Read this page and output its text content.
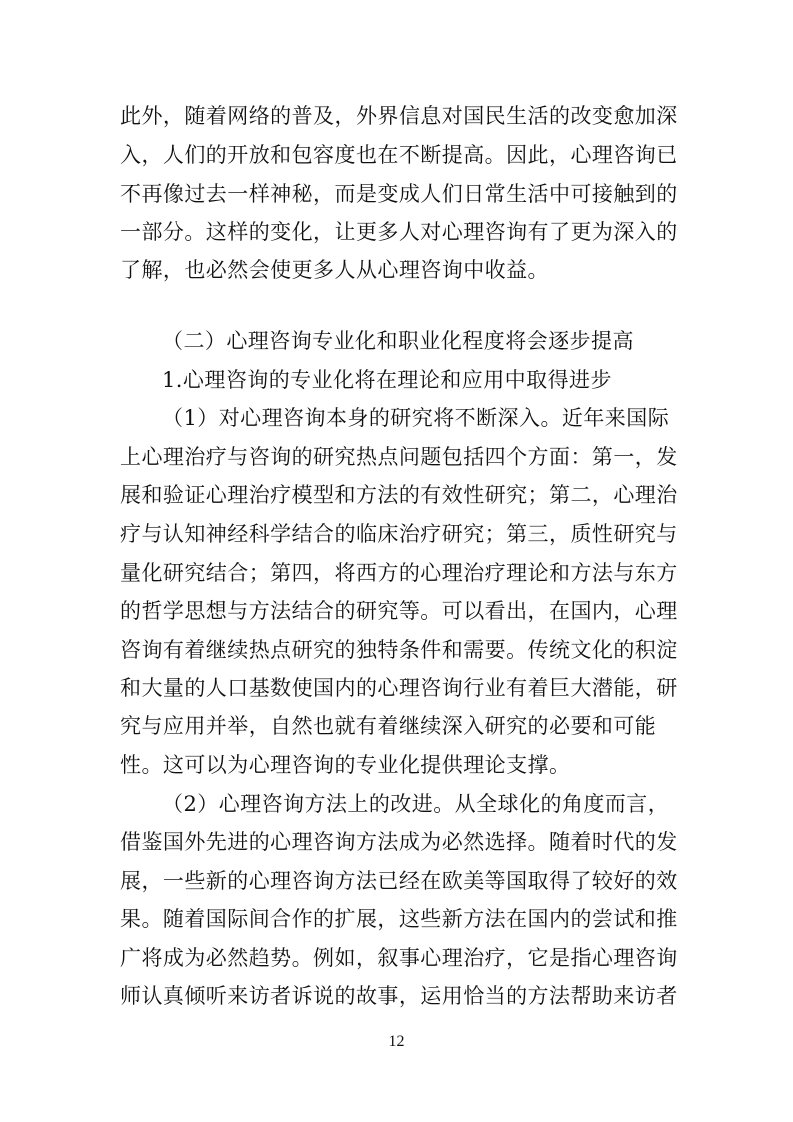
此外，随着网络的普及，外界信息对国民生活的改变愈加深
入，人们的开放和包容度也在不断提高。因此，心理咨询已
不再像过去一样神秘，而是变成人们日常生活中可接触到的
一部分。这样的变化，让更多人对心理咨询有了更为深入的
了解，也必然会使更多人从心理咨询中收益。
（二）心理咨询专业化和职业化程度将会逐步提高
1.心理咨询的专业化将在理论和应用中取得进步
（1）对心理咨询本身的研究将不断深入。近年来国际
上心理治疗与咨询的研究热点问题包括四个方面：第一，发
展和验证心理治疗模型和方法的有效性研究；第二，心理治
疗与认知神经科学结合的临床治疗研究；第三，质性研究与
量化研究结合；第四，将西方的心理治疗理论和方法与东方
的哲学思想与方法结合的研究等。可以看出，在国内，心理
咨询有着继续热点研究的独特条件和需要。传统文化的积淀
和大量的人口基数使国内的心理咨询行业有着巨大潜能，研
究与应用并举，自然也就有着继续深入研究的必要和可能
性。这可以为心理咨询的专业化提供理论支撑。
（2）心理咨询方法上的改进。从全球化的角度而言，
借鉴国外先进的心理咨询方法成为必然选择。随着时代的发
展，一些新的心理咨询方法已经在欧美等国取得了较好的效
果。随着国际间合作的扩展，这些新方法在国内的尝试和推
广将成为必然趋势。例如，叙事心理治疗，它是指心理咨询
师认真倾听来访者诉说的故事，运用恰当的方法帮助来访者
12
